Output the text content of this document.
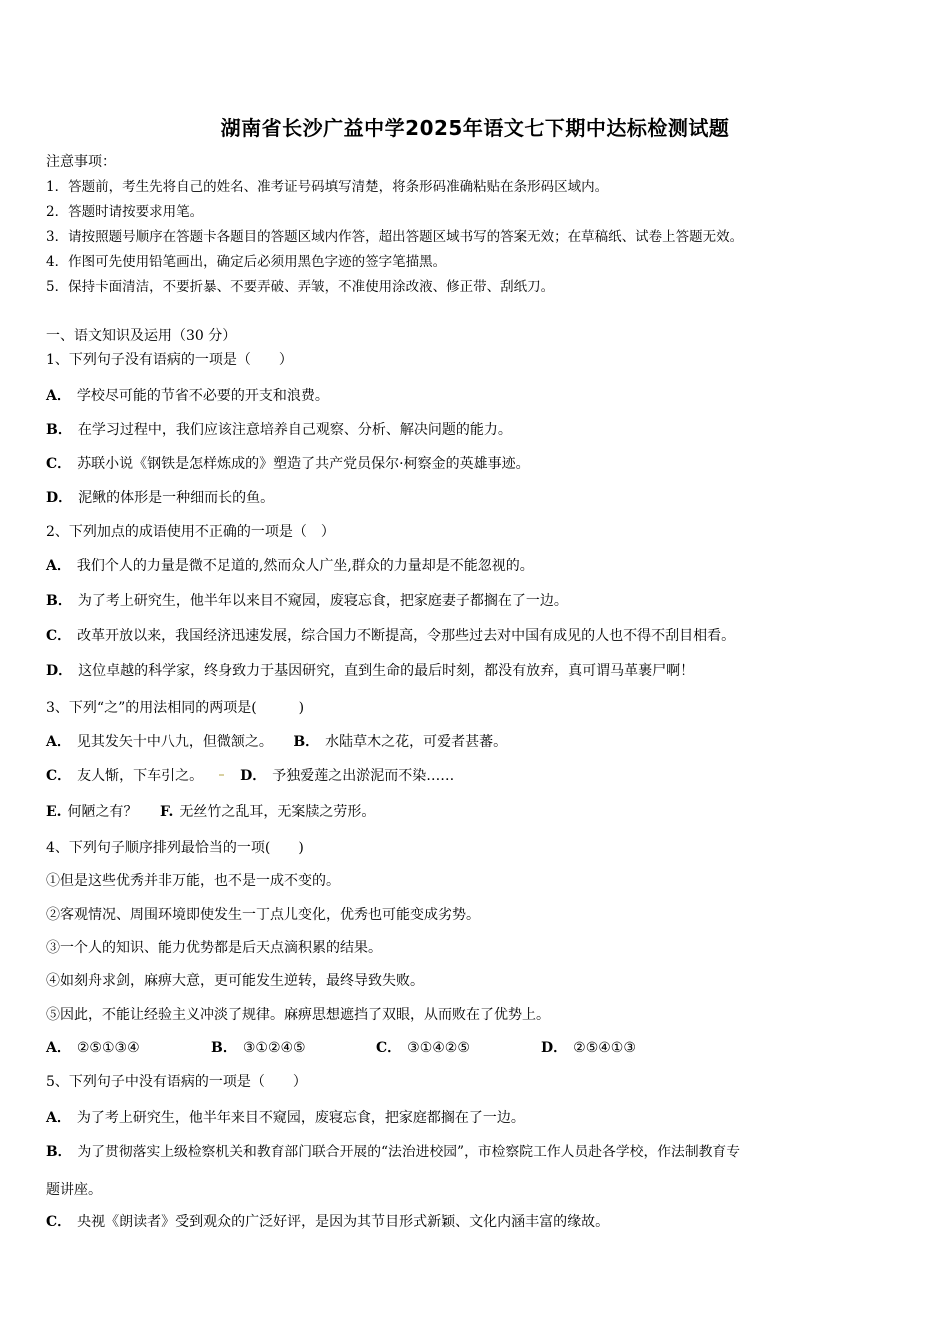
湖南省长沙广益中学2025年语文七下期中达标检测试题
注意事项：
1．答题前，考生先将自己的姓名、准考证号码填写清楚，将条形码准确粘贴在条形码区域内。
2．答题时请按要求用笔。
3．请按照题号顺序在答题卡各题目的答题区域内作答，超出答题区域书写的答案无效；在草稿纸、试卷上答题无效。
4．作图可先使用铅笔画出，确定后必须用黑色字迹的签字笔描黑。
5．保持卡面清洁，不要折暴、不要弄破、弄皱，不准使用涂改液、修正带、刮纸刀。
一、语文知识及运用（30 分）
1、下列句子没有语病的一项是（　　）
A． 学校尽可能的节省不必要的开支和浪费。
B． 在学习过程中，我们应该注意培养自己观察、分析、解决问题的能力。
C． 苏联小说《钢铁是怎样炼成的》塑造了共产党员保尔·柯察金的英雄事迹。
D． 泥鳅的体形是一种细而长的鱼。
2、下列加点的成语使用不正确的一项是（　）
A． 我们个人的力量是微不足道的,然而众人广坐,群众的力量却是不能忽视的。
B． 为了考上研究生，他半年以来目不窥园，废寝忘食，把家庭妻子都搁在了一边。
C． 改革开放以来，我国经济迅速发展，综合国力不断提高，令那些过去对中国有成见的人也不得不刮目相看。
D． 这位卓越的科学家，终身致力于基因研究，直到生命的最后时刻，都没有放弃，真可谓马革裹尸啊！
3、下列“之”的用法相同的两项是(　　　)
A． 见其发矢十中八九，但微颔之。 B． 水陆草木之花，可爱者甚蕃。
C． 友人惭，下车引之。	D． 予独爱莲之出淤泥而不染……
E. 何陋之有？ F. 无丝竹之乱耳，无案牍之劳形。
4、下列句子顺序排列最恰当的一项(　　)
①但是这些优秀并非万能，也不是一成不变的。
②客观情况、周围环境即使发生一丁点儿变化，优秀也可能变成劣势。
③一个人的知识、能力优势都是后天点滴积累的结果。
④如刻舟求剑，麻痹大意，更可能发生逆转，最终导致失败。
⑤因此，不能让经验主义冲淡了规律。麻痹思想遮挡了双眼，从而败在了优势上。
A． ②⑤①③④	B． ③①②④⑤	C． ③①④②⑤	D． ②⑤④①③
5、下列句子中没有语病的一项是（　　）
A． 为了考上研究生，他半年来目不窥园，废寝忘食，把家庭都搁在了一边。
B． 为了贯彻落实上级检察机关和教育部门联合开展的“法治进校园”，市检察院工作人员赴各学校，作法制教育专
题讲座。
C． 央视《朗读者》受到观众的广泛好评，是因为其节目形式新颖、文化内涵丰富的缘故。
